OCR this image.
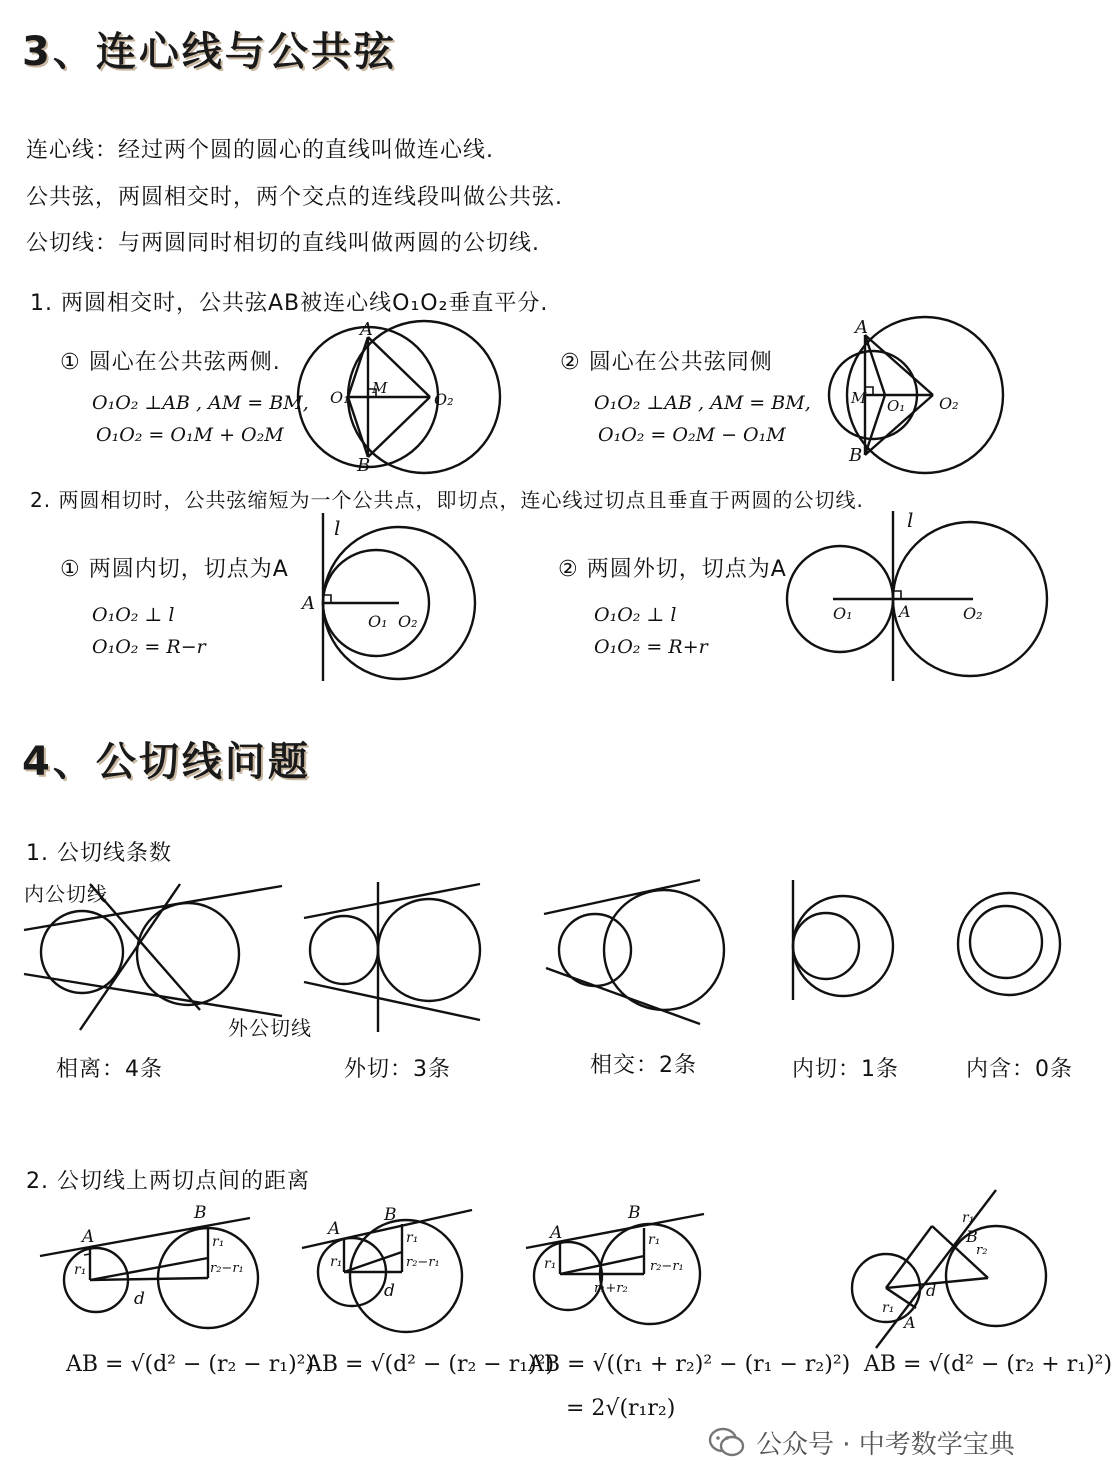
3、连心线与公共弦
连心线：经过两个圆的圆心的直线叫做连心线.
公共弦，两圆相交时，两个交点的连线段叫做公共弦.
公切线：与两圆同时相切的直线叫做两圆的公切线.
1. 两圆相交时，公共弦AB被连心线O₁O₂垂直平分.
① 圆心在公共弦两侧.
O₁O₂ ⊥AB , AM = BM,
O₁O₂ = O₁M + O₂M
② 圆心在公共弦同侧
O₁O₂ ⊥AB , AM = BM,
O₁O₂ = O₂M − O₁M
A
B
M
O₁	O₂
A
B
M O₁ O₂
2. 两圆相切时，公共弦缩短为一个公共点，即切点，连心线过切点且垂直于两圆的公切线.
① 两圆内切，切点为A
O₁O₂ ⊥ l
O₁O₂ = R−r
② 两圆外切，切点为A
O₁O₂ ⊥ l
O₁O₂ = R+r
l
A
O₁ O₂
l
A
O₁	O₂
4、公切线问题
1. 公切线条数
内公切线
外公切线
相离：4条	外切：3条	相交：2条	内切：1条	内含：0条
2. 公切线上两切点间的距离
A
B
r₁
r₁
r₂−r₁
d
A
B
r₁
r₁
r₂−r₁
d
A
B
r₁
r₁
r₂−r₁
r₁+r₂
r₁
B
r₂
r₁
d
A
AB = √(d² − (r₂ − r₁)²)
AB = √(d² − (r₂ − r₁)²)
AB = √((r₁ + r₂)² − (r₁ − r₂)²)
= 2√(r₁r₂)
AB = √(d² − (r₂ + r₁)²)
公众号 · 中考数学宝典
